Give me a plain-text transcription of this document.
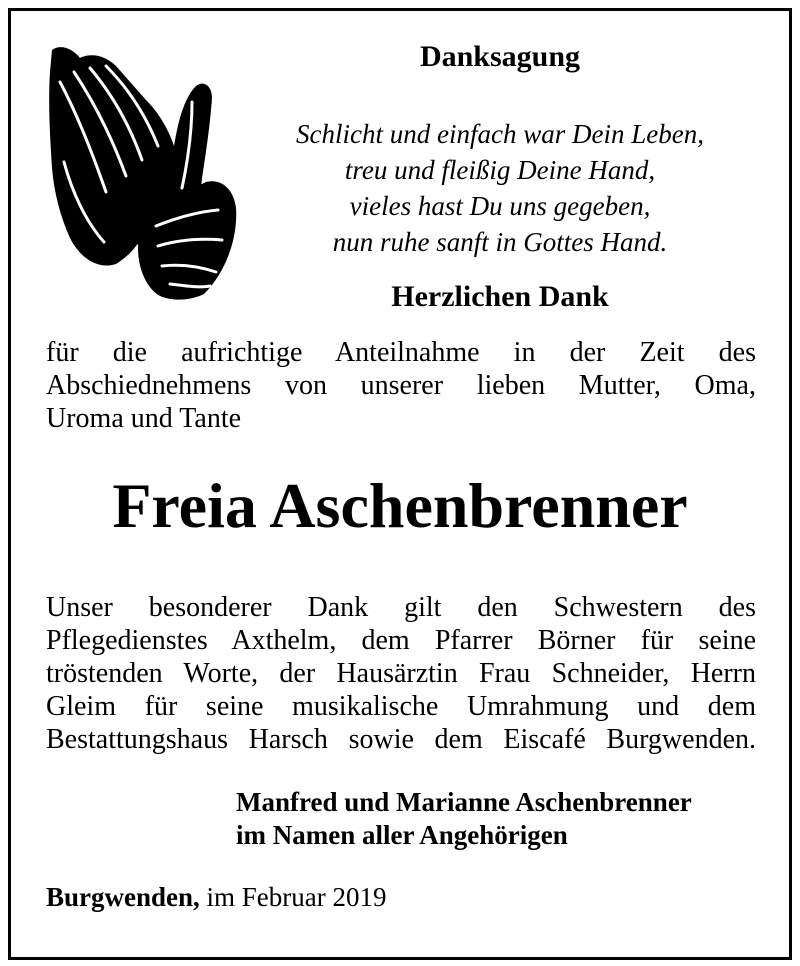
Danksagung
Schlicht und einfach war Dein Leben,
treu und fleißig Deine Hand,
vieles hast Du uns gegeben,
nun ruhe sanft in Gottes Hand.
Herzlichen Dank
für die aufrichtige Anteilnahme in der Zeit des
Abschiednehmens von unserer lieben Mutter, Oma,
Uroma und Tante
Freia Aschenbrenner
Unser besonderer Dank gilt den Schwestern des
Pflegedienstes Axthelm, dem Pfarrer Börner für seine
tröstenden Worte, der Hausärztin Frau Schneider, Herrn
Gleim für seine musikalische Umrahmung und dem
Bestattungshaus Harsch sowie dem Eiscafé Burgwenden.
Manfred und Marianne Aschenbrenner
im Namen aller Angehörigen
Burgwenden, im Februar 2019
